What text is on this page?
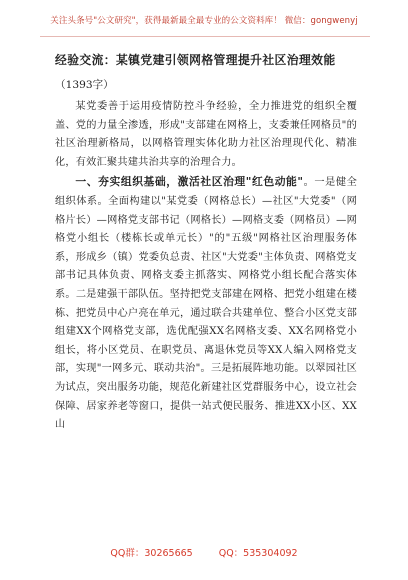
关注头条号"公文研究"，获得最新最全最专业的公文资料库！ 微信：gongwenyj
经验交流：某镇党建引领网格管理提升社区治理效能
（1393字）

某党委善于运用疫情防控斗争经验，全力推进党的组织全覆盖、党的力量全渗透，形成"支部建在网格上，支委兼任网格员"的社区治理新格局，以网格管理实体化助力社区治理现代化、精准化，有效汇聚共建共治共享的治理合力。

一、夯实组织基础，激活社区治理"红色动能"。一是健全组织体系。全面构建以"某党委（网格总长）—社区"大党委"（网格片长）—网格党支部书记（网格长）—网格支委（网格员）—网格党小组长（楼栋长或单元长）"的"五级"网格社区治理服务体系，形成乡（镇）党委负总责、社区"大党委"主体负责、网格党支部书记具体负责、网格支委主抓落实、网格党小组长配合落实体系。二是建强干部队伍。坚持把党支部建在网格、把党小组建在楼栋、把党员中心户亮在单元，通过联合共建单位、整合小区党支部组建XX个网格党支部，选优配强XX名网格支委、XX名网格党小组长，将小区党员、在职党员、离退休党员等XX人编入网格党支部，实现"一网多元、联动共治"。三是拓展阵地功能。以翠园社区为试点，突出服务功能，规范化新建社区党群服务中心，设立社会保障、居家养老等窗口，提供一站式便民服务、推进XX小区、XX山

QQ群：30265665	QQ：535304092
